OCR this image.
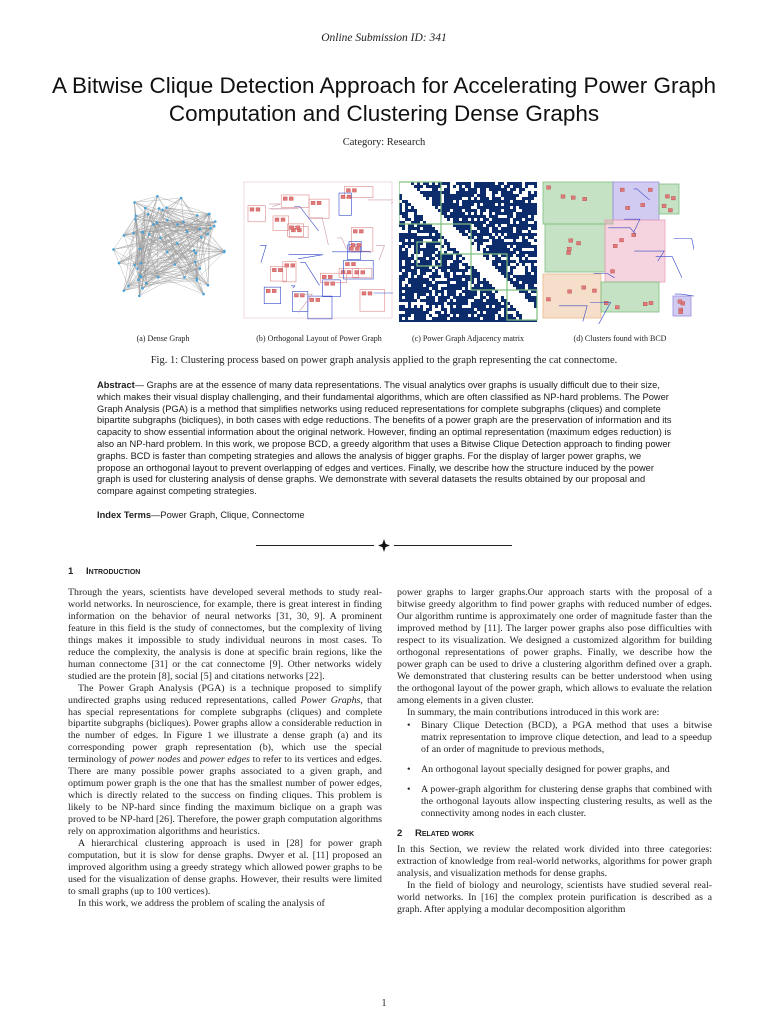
Online Submission ID: 341
A Bitwise Clique Detection Approach for Accelerating Power Graph Computation and Clustering Dense Graphs
Category: Research
(a) Dense Graph	(b) Orthogonal Layout of Power Graph	(c) Power Graph Adjacency matrix	(d) Clusters found with BCD
Fig. 1: Clustering process based on power graph analysis applied to the graph representing the cat connectome.
Abstract— Graphs are at the essence of many data representations. The visual analytics over graphs is usually difficult due to their size, which makes their visual display challenging, and their fundamental algorithms, which are often classified as NP-hard problems. The Power Graph Analysis (PGA) is a method that simplifies networks using reduced representations for complete subgraphs (cliques) and complete bipartite subgraphs (bicliques), in both cases with edge reductions. The benefits of a power graph are the preservation of information and its capacity to show essential information about the original network. However, finding an optimal representation (maximum edges reduction) is also an NP-hard problem. In this work, we propose BCD, a greedy algorithm that uses a Bitwise Clique Detection approach to finding power graphs. BCD is faster than competing strategies and allows the analysis of bigger graphs. For the display of larger power graphs, we propose an orthogonal layout to prevent overlapping of edges and vertices. Finally, we describe how the structure induced by the power graph is used for clustering analysis of dense graphs. We demonstrate with several datasets the results obtained by our proposal and compare against competing strategies.
Index Terms—Power Graph, Clique, Connectome
1 Introduction

Through the years, scientists have developed several methods to study real-world networks. In neuroscience, for example, there is great interest in finding information on the behavior of neural networks [31, 30, 9]. A prominent feature in this field is the study of connectomes, but the complexity of living things makes it impossible to study individual neurons in most cases. To reduce the complexity, the analysis is done at specific brain regions, like the human connectome [31] or the cat connectome [9]. Other networks widely studied are the protein [8], social [5] and citations networks [22].

The Power Graph Analysis (PGA) is a technique proposed to simplify undirected graphs using reduced representations, called Power Graphs, that has special representations for complete subgraphs (cliques) and complete bipartite subgraphs (bicliques). Power graphs allow a considerable reduction in the number of edges. In Figure 1 we illustrate a dense graph (a) and its corresponding power graph representation (b), which use the special terminology of power nodes and power edges to refer to its vertices and edges. There are many possible power graphs associated to a given graph, and optimum power graph is the one that has the smallest number of power edges, which is directly related to the success on finding cliques. This problem is likely to be NP-hard since finding the maximum biclique on a graph was proved to be NP-hard [26]. Therefore, the power graph computation algorithms rely on approximation algorithms and heuristics.

A hierarchical clustering approach is used in [28] for power graph computation, but it is slow for dense graphs. Dwyer et al. [11] proposed an improved algorithm using a greedy strategy which allowed power graphs to be used for the visualization of dense graphs. However, their results were limited to small graphs (up to 100 vertices).

In this work, we address the problem of scaling the analysis of

power graphs to larger graphs.Our approach starts with the proposal of a bitwise greedy algorithm to find power graphs with reduced number of edges. Our algorithm runtime is approximately one order of magnitude faster than the improved method by [11]. The larger power graphs also pose difficulties with respect to its visualization. We designed a customized algorithm for building orthogonal representations of power graphs. Finally, we describe how the power graph can be used to drive a clustering algorithm defined over a graph. We demonstrated that clustering results can be better understood when using the orthogonal layout of the power graph, which allows to evaluate the relation among elements in a given cluster.

In summary, the main contributions introduced in this work are:

• Binary Clique Detection (BCD), a PGA method that uses a bitwise matrix representation to improve clique detection, and lead to a speedup of an order of magnitude to previous methods,
• An orthogonal layout specially designed for power graphs, and
• A power-graph algorithm for clustering dense graphs that combined with the orthogonal layouts allow inspecting clustering results, as well as the connectivity among nodes in each cluster.
2 Related work

In this Section, we review the related work divided into three categories: extraction of knowledge from real-world networks, algorithms for power graph analysis, and visualization methods for dense graphs.

In the field of biology and neurology, scientists have studied several real-world networks. In [16] the complex protein purification is described as a graph. After applying a modular decomposition algorithm

1
